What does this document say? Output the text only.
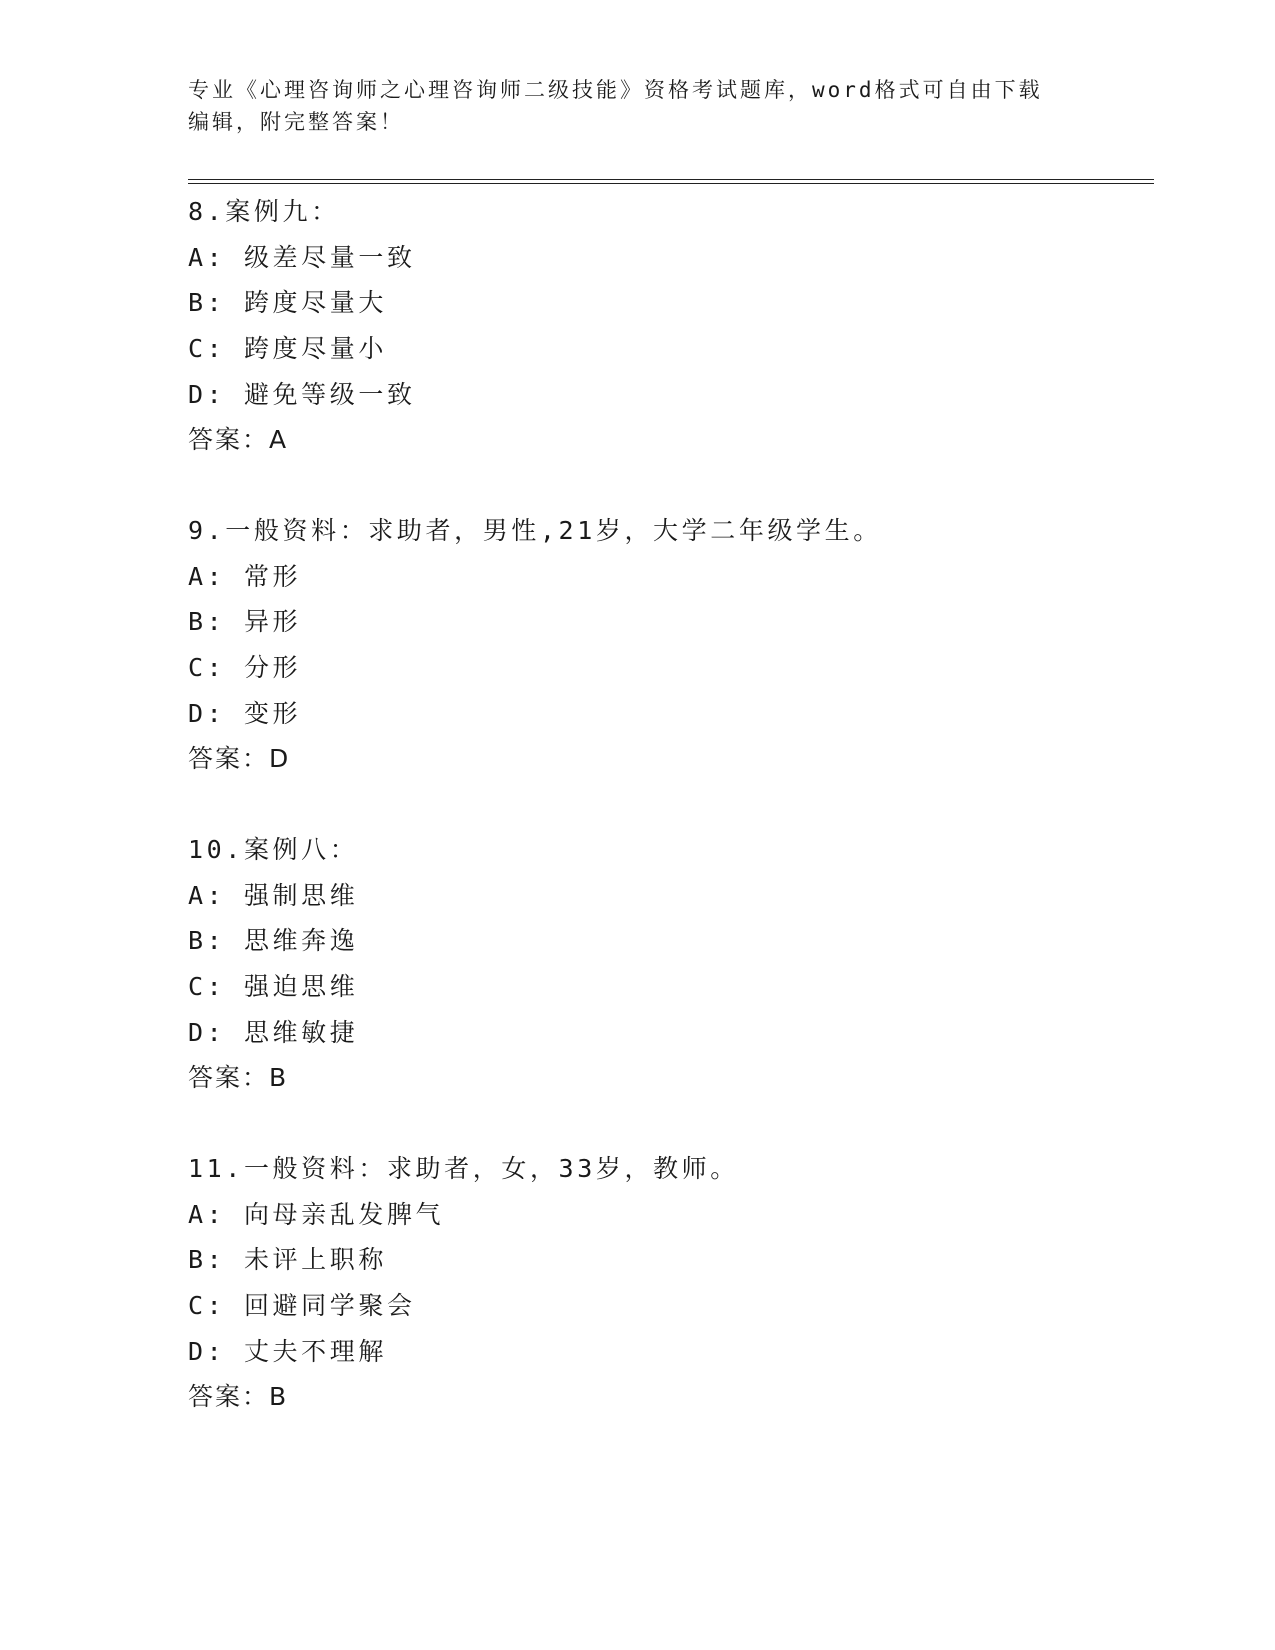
专业《心理咨询师之心理咨询师二级技能》资格考试题库，word格式可自由下载
编辑，附完整答案！
8.案例九：
A: 级差尽量一致
B: 跨度尽量大
C: 跨度尽量小
D: 避免等级一致
答案：A
9.一般资料：求助者，男性,21岁，大学二年级学生。
A: 常形
B: 异形
C: 分形
D: 变形
答案：D
10.案例八：
A: 强制思维
B: 思维奔逸
C: 强迫思维
D: 思维敏捷
答案：B
11.一般资料：求助者，女，33岁，教师。
A: 向母亲乱发脾气
B: 未评上职称
C: 回避同学聚会
D: 丈夫不理解
答案：B
